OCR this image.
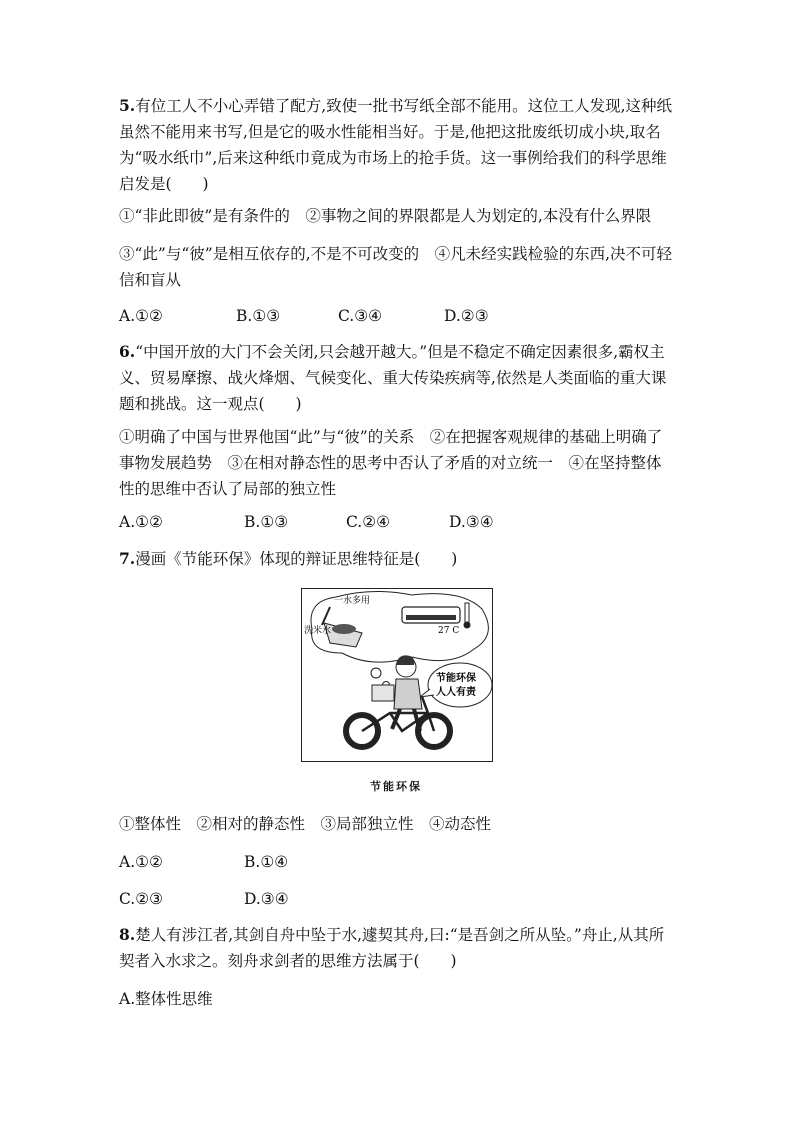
5.有位工人不小心弄错了配方,致使一批书写纸全部不能用。这位工人发现,这种纸虽然不能用来书写,但是它的吸水性能相当好。于是,他把这批废纸切成小块,取名为“吸水纸巾”,后来这种纸巾竟成为市场上的抢手货。这一事例给我们的科学思维启发是(　　)
①“非此即彼”是有条件的　②事物之间的界限都是人为划定的,本没有什么界限
③“此”与“彼”是相互依存的,不是不可改变的　④凡未经实践检验的东西,决不可轻信和盲从
A.①②	B.①③	C.③④	D.②③
6.“中国开放的大门不会关闭,只会越开越大。”但是不稳定不确定因素很多,霸权主义、贸易摩擦、战火烽烟、气候变化、重大传染疾病等,依然是人类面临的重大课题和挑战。这一观点(　　)
①明确了中国与世界他国“此”与“彼”的关系　②在把握客观规律的基础上明确了事物发展趋势　③在相对静态性的思考中否认了矛盾的对立统一　④在坚持整体性的思维中否认了局部的独立性
A.①②	B.①③	C.②④	D.③④
7.漫画《节能环保》体现的辩证思维特征是(　　)
一水多用
洗米水	27 C
节能环保
人人有责
节能环保
①整体性　②相对的静态性　③局部独立性　④动态性
A.①②	B.①④
C.②③	D.③④
8.楚人有涉江者,其剑自舟中坠于水,遽契其舟,曰:“是吾剑之所从坠。”舟止,从其所契者入水求之。刻舟求剑者的思维方法属于(　　)
A.整体性思维
